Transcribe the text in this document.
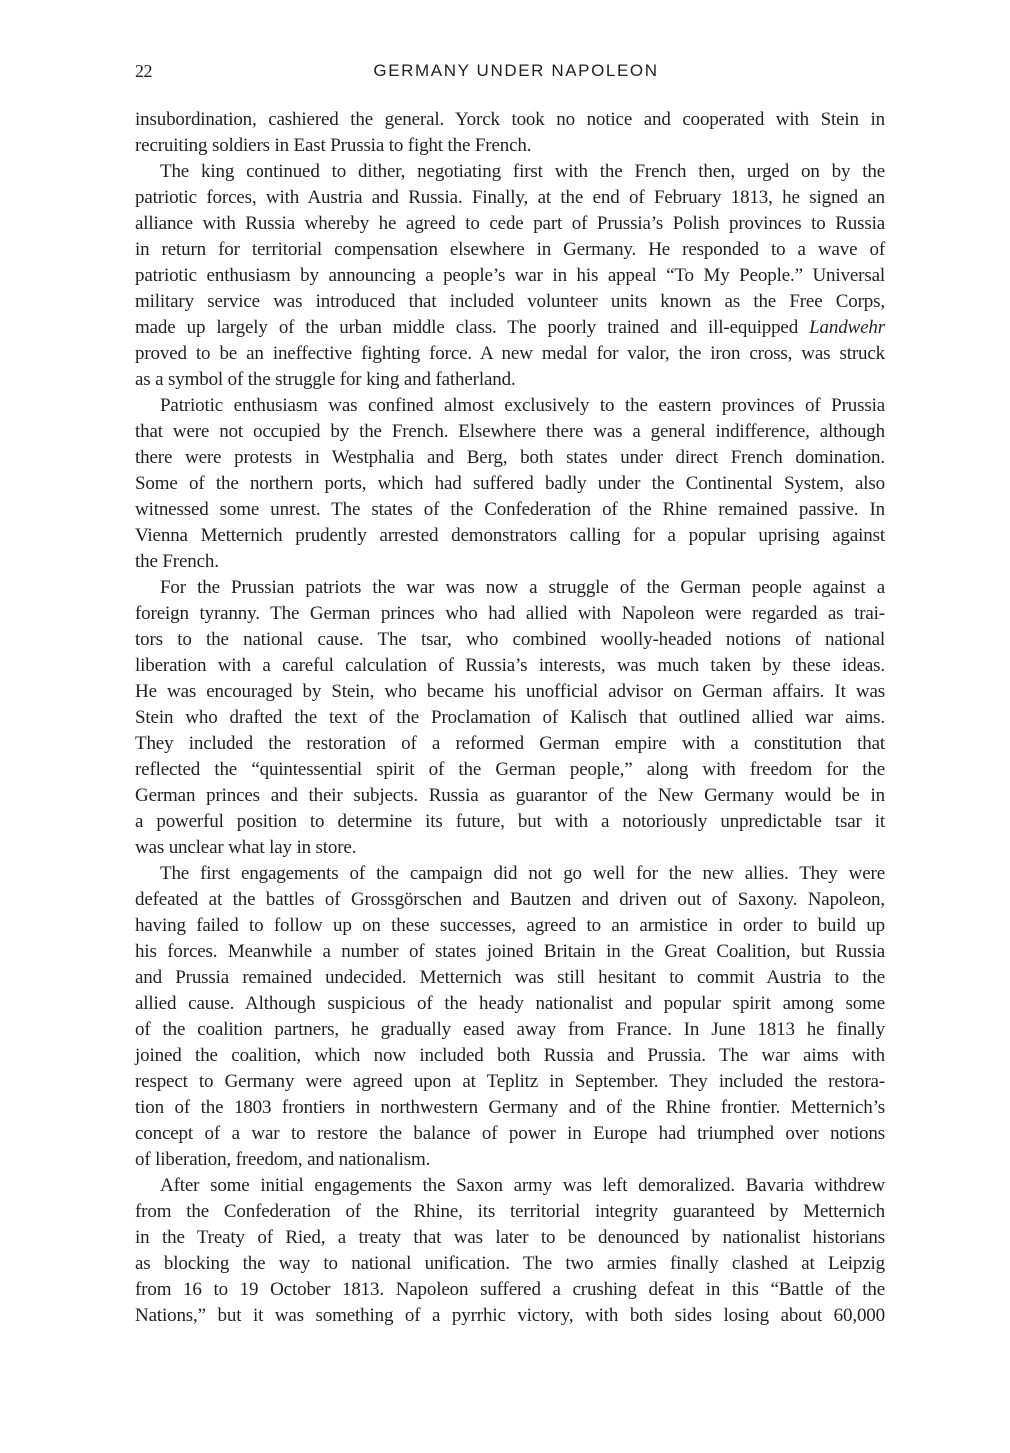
22	GERMANY UNDER NAPOLEON
insubordination, cashiered the general. Yorck took no notice and cooperated with Stein in
recruiting soldiers in East Prussia to fight the French.
The king continued to dither, negotiating first with the French then, urged on by the
patriotic forces, with Austria and Russia. Finally, at the end of February 1813, he signed an
alliance with Russia whereby he agreed to cede part of Prussia’s Polish provinces to Russia
in return for territorial compensation elsewhere in Germany. He responded to a wave of
patriotic enthusiasm by announcing a people’s war in his appeal “To My People.” Universal
military service was introduced that included volunteer units known as the Free Corps,
made up largely of the urban middle class. The poorly trained and ill-equipped Landwehr
proved to be an ineffective fighting force. A new medal for valor, the iron cross, was struck
as a symbol of the struggle for king and fatherland.
Patriotic enthusiasm was confined almost exclusively to the eastern provinces of Prussia
that were not occupied by the French. Elsewhere there was a general indifference, although
there were protests in Westphalia and Berg, both states under direct French domination.
Some of the northern ports, which had suffered badly under the Continental System, also
witnessed some unrest. The states of the Confederation of the Rhine remained passive. In
Vienna Metternich prudently arrested demonstrators calling for a popular uprising against
the French.
For the Prussian patriots the war was now a struggle of the German people against a
foreign tyranny. The German princes who had allied with Napoleon were regarded as trai-
tors to the national cause. The tsar, who combined woolly-headed notions of national
liberation with a careful calculation of Russia’s interests, was much taken by these ideas.
He was encouraged by Stein, who became his unofficial advisor on German affairs. It was
Stein who drafted the text of the Proclamation of Kalisch that outlined allied war aims.
They included the restoration of a reformed German empire with a constitution that
reflected the “quintessential spirit of the German people,” along with freedom for the
German princes and their subjects. Russia as guarantor of the New Germany would be in
a powerful position to determine its future, but with a notoriously unpredictable tsar it
was unclear what lay in store.
The first engagements of the campaign did not go well for the new allies. They were
defeated at the battles of Grossgörschen and Bautzen and driven out of Saxony. Napoleon,
having failed to follow up on these successes, agreed to an armistice in order to build up
his forces. Meanwhile a number of states joined Britain in the Great Coalition, but Russia
and Prussia remained undecided. Metternich was still hesitant to commit Austria to the
allied cause. Although suspicious of the heady nationalist and popular spirit among some
of the coalition partners, he gradually eased away from France. In June 1813 he finally
joined the coalition, which now included both Russia and Prussia. The war aims with
respect to Germany were agreed upon at Teplitz in September. They included the restora-
tion of the 1803 frontiers in northwestern Germany and of the Rhine frontier. Metternich’s
concept of a war to restore the balance of power in Europe had triumphed over notions
of liberation, freedom, and nationalism.
After some initial engagements the Saxon army was left demoralized. Bavaria withdrew
from the Confederation of the Rhine, its territorial integrity guaranteed by Metternich
in the Treaty of Ried, a treaty that was later to be denounced by nationalist historians
as blocking the way to national unification. The two armies finally clashed at Leipzig
from 16 to 19 October 1813. Napoleon suffered a crushing defeat in this “Battle of the
Nations,” but it was something of a pyrrhic victory, with both sides losing about 60,000
